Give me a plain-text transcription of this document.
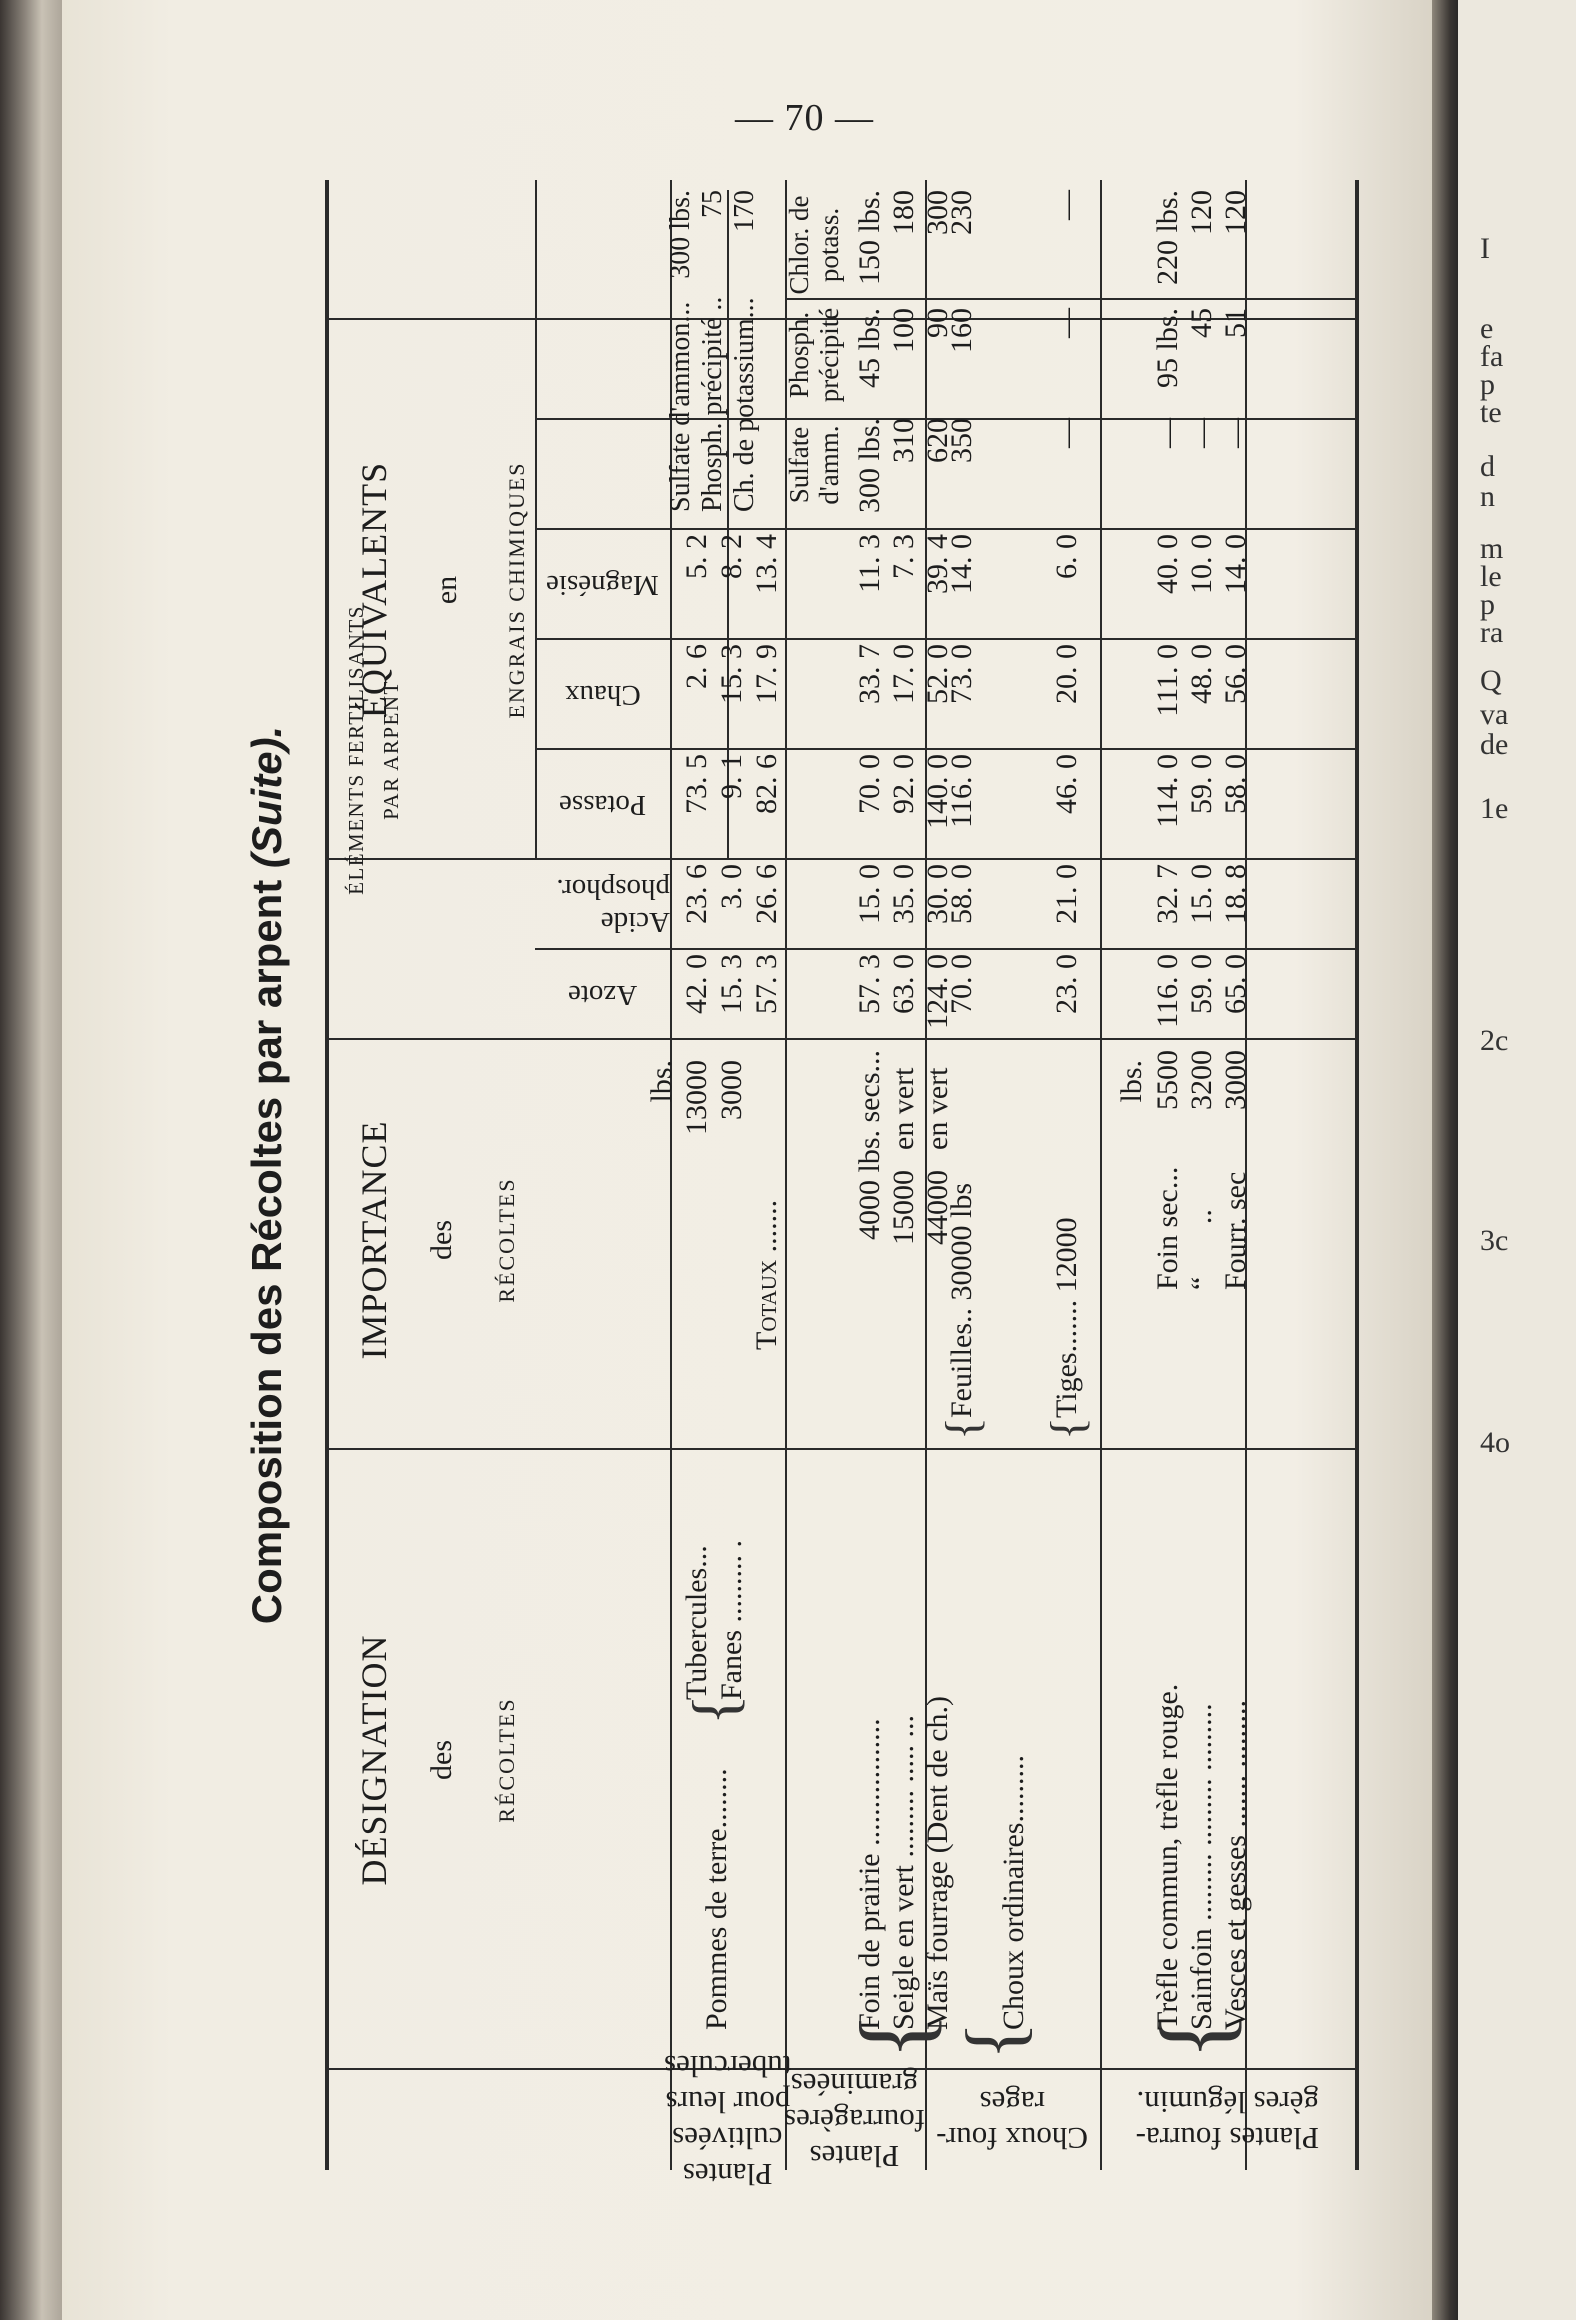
I
e
fa
p
te
d
n
m
le
p
ra
Q
va
de
1e
2c
3c
4o
— 70 —
Composition des Récoltes par arpent (Suite).
DÉSIGNATION des RÉCOLTES
IMPORTANCE des RÉCOLTES
ÉLÉMENTS FERTILISANTS PAR ARPENT
ÉQUIVALENTS en ENGRAIS CHIMIQUES
Azote
Acide phosphor.
Plantes cultivées pour leurs tubercules
Plantes fourragères graminées
Choux four- rages
Plantes fourra- gères légumin.
Potasse
Pommes de terre........
{
Tubercules... Fanes ......... .
lbs. 13000 3000
Totaux .......
42. 0 15. 3 57. 3
23. 6 3. 0 26. 6
Chaux
Magnésie
73. 5 9. 1 82. 6
2. 6 15. 3 17. 9
5. 2 8. 2 13. 4
Sulfate d'ammon...
300 lbs.
Phosph. précipité ..
75
Ch. de potassium...
170
Sulfate d'amm.
Phosph. précipité
Chlor. de potass.
Foin de prairie .................
4000 lbs. secs...
57. 3
15. 0
70. 0
33. 7
11. 3
300 lbs.
45 lbs.
150 lbs.
Seigle en vert ......... ..... ...
15000
en vert
63. 0
35. 0
92. 0
17. 0
7. 3
310
100
180
Maïs fourrage (Dent de ch.)
44000
en vert
124. 0
30. 0
140. 0
52. 0
39. 4
620
90
300
{ {
Choux ordinaires.........
{
Feuilles.. 30000 lbs
70. 0
58. 0
116. 0
73. 0
14. 0
350
160
230
{
Tiges....... 12000
23. 0
21. 0
46. 0
20. 0
6. 0
—
—
—
lbs.
{
Trèfle commun, trèfle rouge.
Foin sec...
5500
116. 0
32. 7
114. 0
111. 0
40. 0
—
95 lbs.
220 lbs.
Sainfoin ......... ......... .........
“       ..
3200
59. 0
15. 0
59. 0
48. 0
10. 0
—
45
120
Vesces et gesses ....... .........
Fourr. sec
3000
65. 0
18. 8
58. 0
56. 0
14. 0
—
51
120
